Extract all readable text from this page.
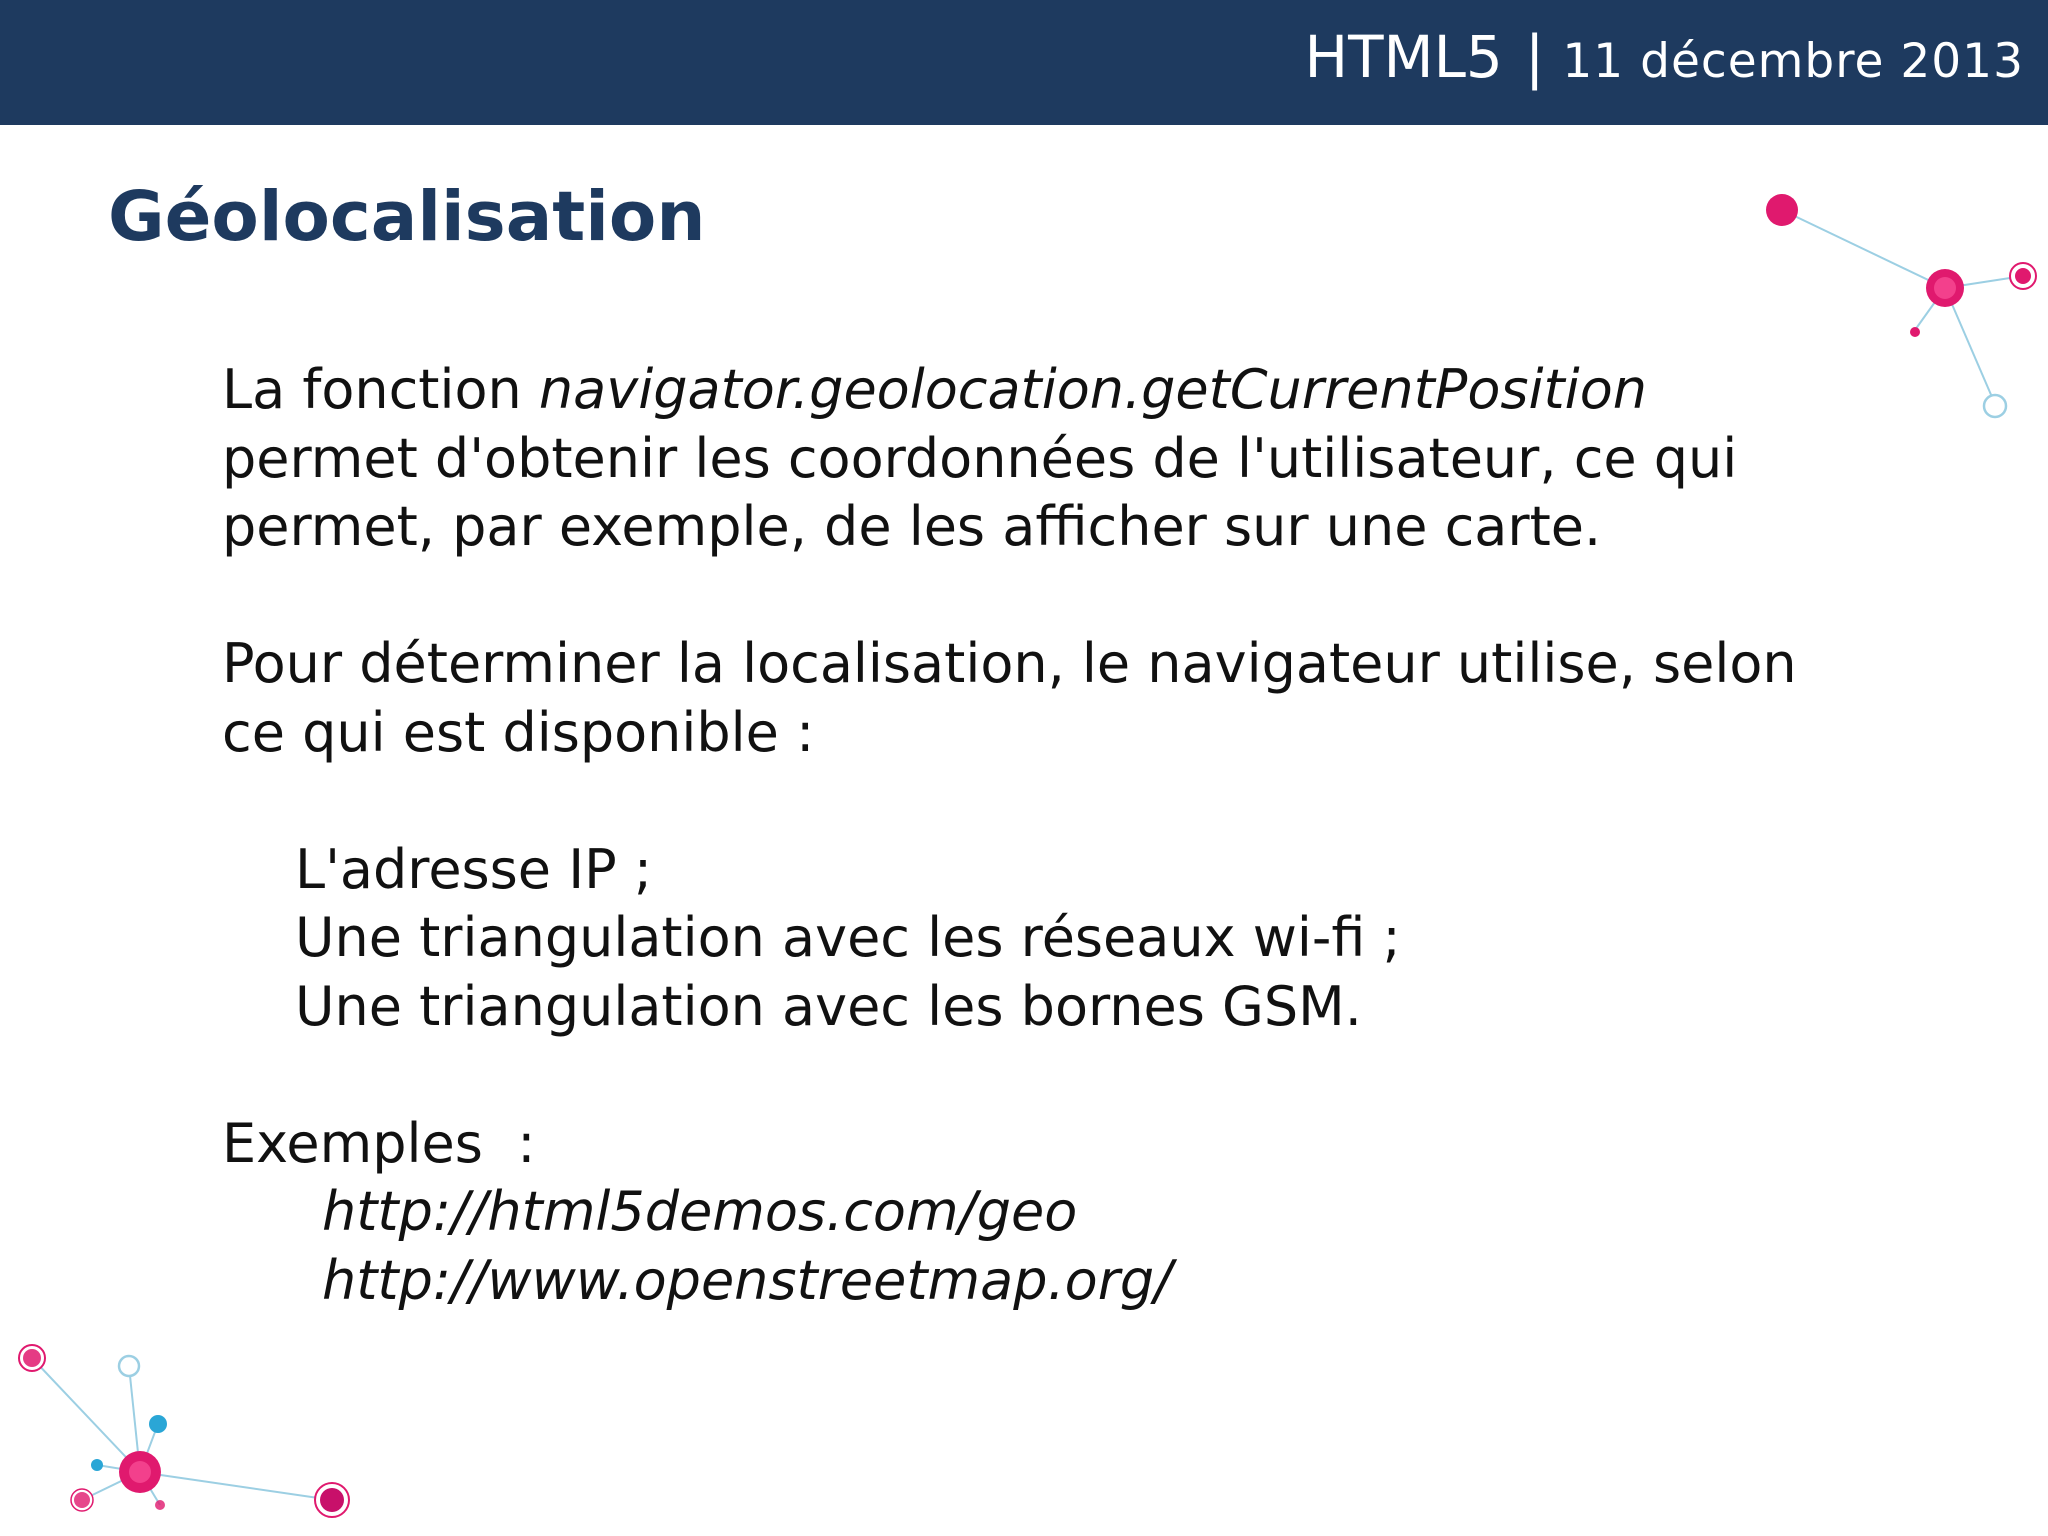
HTML5 | 11 décembre 2013
Géolocalisation

La fonction navigator.geolocation.getCurrentPosition

permet d'obtenir les coordonnées de l'utilisateur, ce qui

permet, par exemple, de les afficher sur une carte.

Pour déterminer la localisation, le navigateur utilise, selon

ce qui est disponible :

L'adresse IP ;
Une triangulation avec les réseaux wi-fi ;
Une triangulation avec les bornes GSM.

Exemples  :

http://html5demos.com/geo
http://www.openstreetmap.org/
